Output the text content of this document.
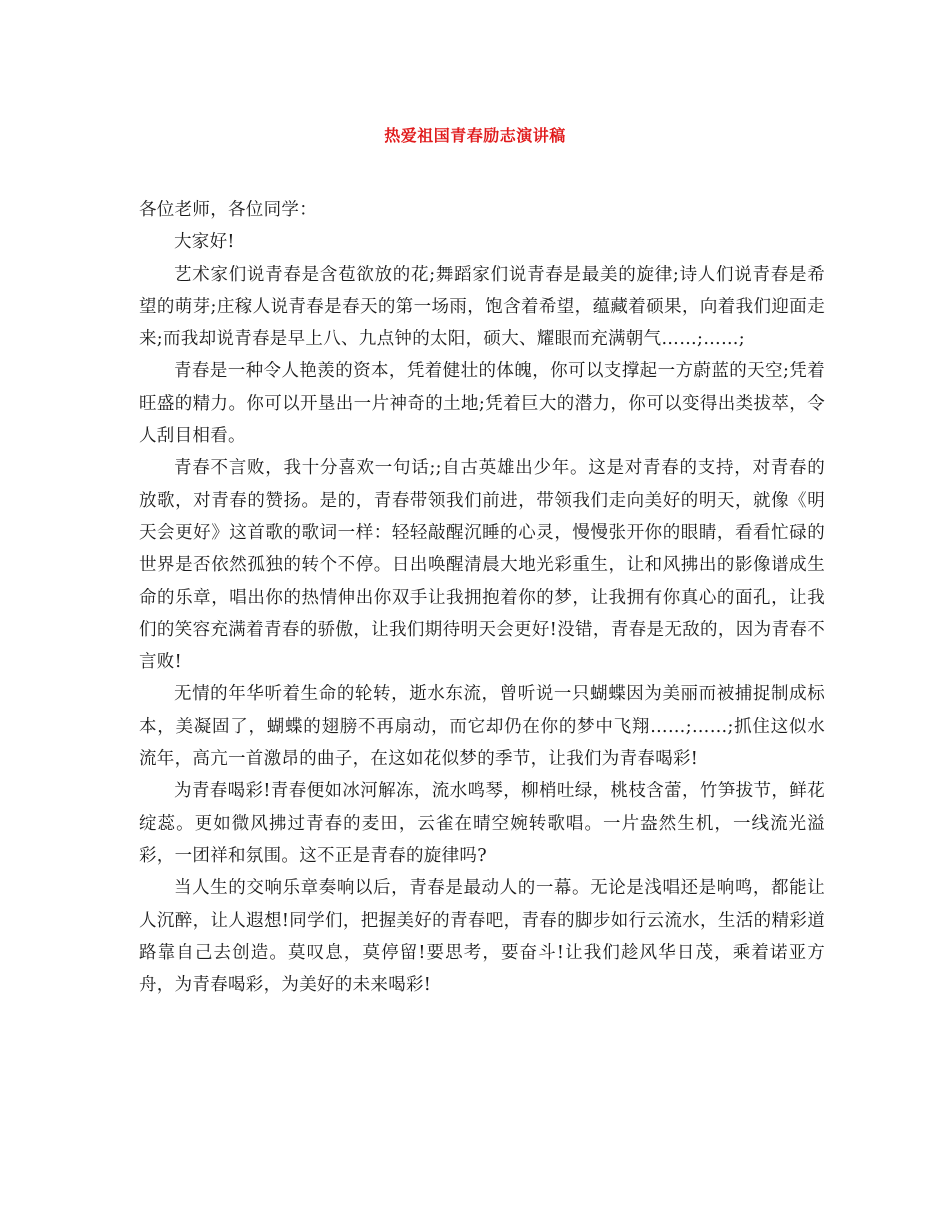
热爱祖国青春励志演讲稿

各位老师，各位同学：

大家好!

艺术家们说青春是含苞欲放的花;舞蹈家们说青春是最美的旋律;诗人们说青春是希望的萌芽;庄稼人说青春是春天的第一场雨，饱含着希望，蕴藏着硕果，向着我们迎面走来;而我却说青春是早上八、九点钟的太阳，硕大、耀眼而充满朝气……;……;

青春是一种令人艳羡的资本，凭着健壮的体魄，你可以支撑起一方蔚蓝的天空;凭着旺盛的精力。你可以开垦出一片神奇的土地;凭着巨大的潜力，你可以变得出类拔萃，令人刮目相看。

青春不言败，我十分喜欢一句话;;自古英雄出少年。这是对青春的支持，对青春的放歌，对青春的赞扬。是的，青春带领我们前进，带领我们走向美好的明天，就像《明天会更好》这首歌的歌词一样：轻轻敲醒沉睡的心灵，慢慢张开你的眼睛，看看忙碌的世界是否依然孤独的转个不停。日出唤醒清晨大地光彩重生，让和风拂出的影像谱成生命的乐章，唱出你的热情伸出你双手让我拥抱着你的梦，让我拥有你真心的面孔，让我们的笑容充满着青春的骄傲，让我们期待明天会更好!没错，青春是无敌的，因为青春不言败!

无情的年华听着生命的轮转，逝水东流，曾听说一只蝴蝶因为美丽而被捕捉制成标本，美凝固了，蝴蝶的翅膀不再扇动，而它却仍在你的梦中飞翔……;……;抓住这似水流年，高亢一首激昂的曲子，在这如花似梦的季节，让我们为青春喝彩!

为青春喝彩!青春便如冰河解冻，流水鸣琴，柳梢吐绿，桃枝含蕾，竹笋拔节，鲜花绽蕊。更如微风拂过青春的麦田，云雀在晴空婉转歌唱。一片盎然生机，一线流光溢彩，一团祥和氛围。这不正是青春的旋律吗?

当人生的交响乐章奏响以后，青春是最动人的一幕。无论是浅唱还是响鸣，都能让人沉醉，让人遐想!同学们，把握美好的青春吧，青春的脚步如行云流水，生活的精彩道路靠自己去创造。莫叹息，莫停留!要思考，要奋斗!让我们趁风华日茂，乘着诺亚方舟，为青春喝彩，为美好的未来喝彩!
